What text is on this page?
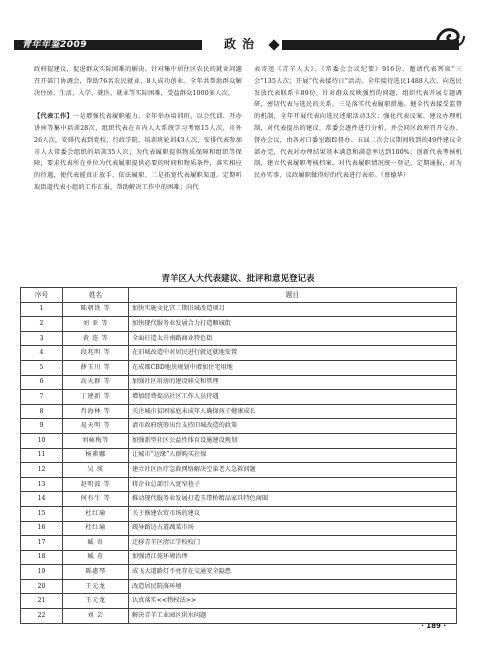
青年年鉴2009	政治

政府提建议，促进群众实际困难的解决。针对集中居住区农民的就业问题召开部门协调会，帮助76名农民就业，8人成功创业。全年共帮助群众解决住房、生活、入学、就医、就业等实际困难，受益群众1000多人次。

【代表工作】一是增强代表履职能力。全年举办培训班，以会代训、开办讲座等集中培训28次，组织代表在市内人大系统学习考察15人次、市外26人次，安排代表到党校、行政学院、培训班轮训43人次，安排代表参加市人大常委会组织的培训35人次；为代表履职提供物质保障和组织等保障，要求代表所在单位为代表履职提供必要的时间和物质条件，落实相应的待遇，使代表能真正放手、依法履职。二是拓宽代表履职渠道。定期听取街道代表小组的工作汇报，帮助解决工作中的困难；向代

表寄送《青羊人大》、《常委会会议纪要》916份，邀请代表列席“三会”135人次；开展“代表接待日”活动，全年接待选民1488人次，向选民发放代表联系卡89份，针对群众反映强烈的问题，组织代表开展专题调研，密切代表与选民的关系。三是落实代表履职措施。健全代表接受监督的机制，全年开展代表向选民述职活动3次；强化代表议案、建议办理机制，对代表提出的建议，常委会逐件进行分析，并会同区政府召开交办、督办会议，由各对口委室跟踪督办。五届二次会议期间收到的49件建议全部办完，代表对办理结果基本满意和满意率达到100%；创新代表考核机制，建立代表履职考核档案，对代表履职情况统一登记，定期通报，对为民办实事、议政履职做得好的代表进行表彰。（蔡德华）

青羊区人大代表建议、批评和意见登记表
序号	姓名	题目
1	陈朝铁 等	加快实施文化宫二期旧城改造项目
2	刘 亚 等	加快现代服务业发展合力打造顺城街
3	黄 连 等	全面打造太升南路商业特色街
4	段兆明 等	在旧城改造中对居民进行就近就地安置
5	薛玉川 等	在成都CBD地块规划中增加住宅用地
6	高天群 等	加强社区用房的建设移交和管理
7	丁建新 等	增加经费提高社区工作人员待遇
8	肖海林 等	关注城市贫困家庭未成年人确保孩子健康成长
9	易天明 等	请市政府统筹出台支持旧城改造的政策
10	刘咏梅等	加强新型社区公益性体育设施建设规划
11	杨素娜	让城市“边缘”人群购买社保
12	吴 瑛	建立社区医疗急救网络解决空巢老人急救问题
13	赵明波 等	将企业总部引入宽窄巷子
14	何有生 等	推动现代服务业发展打造玉带桥精品家具特色商圈
15	杜红瑜	关于修建农贸市场的建议
16	杜红瑜	疏导路边占道蔬菜市场
17	臧 奇	迁移青羊区清江学校校门
18	臧 奇	加强清江苑环境治理
19	陈惠琴	成飞大道路灯不亮存在交通安全隐患
20	王元龙	改造居民院落环境
21	王元龙	认真落实<<物权法>>
22	刘 芸	解决青羊工业园区供水问题
· 189 ·
